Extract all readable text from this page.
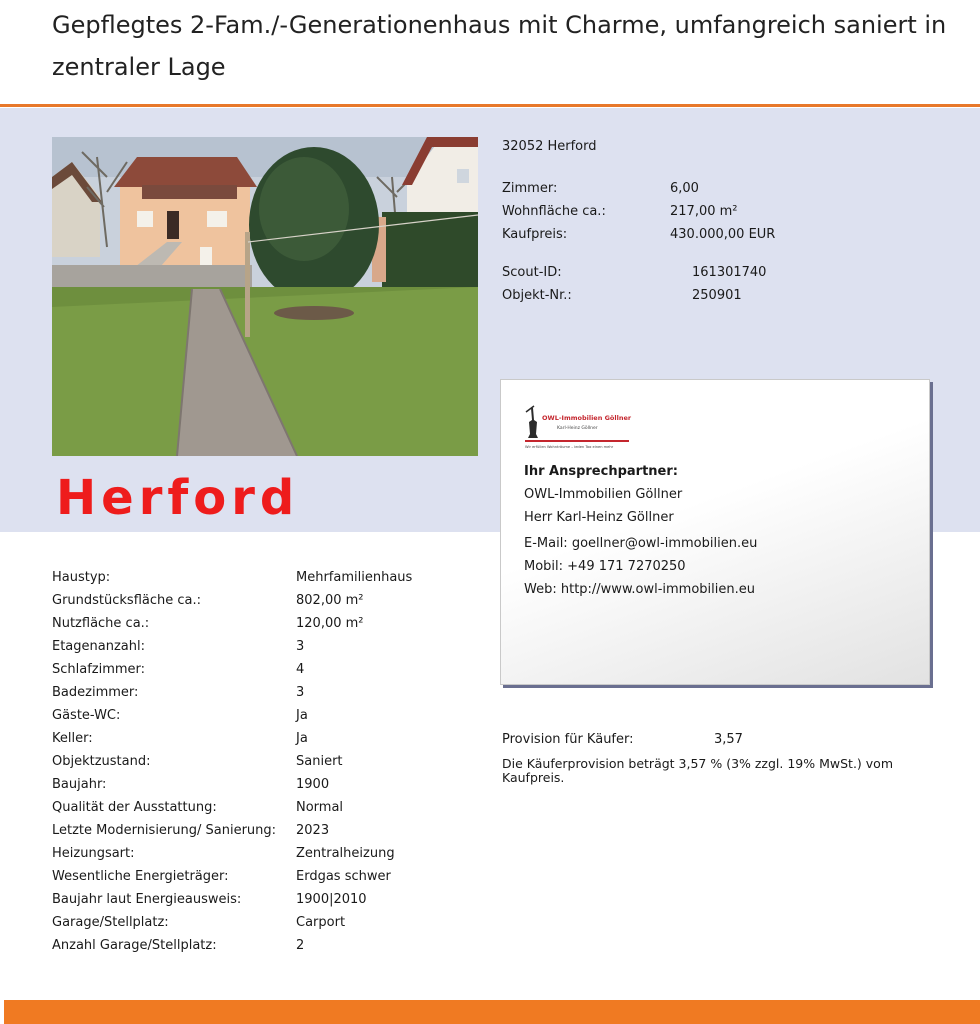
Gepflegtes 2-Fam./-Generationenhaus mit Charme, umfangreich saniert in zentraler Lage
Herford
32052 Herford
Zimmer:	6,00
Wohnfläche ca.:	217,00 m²
Kaufpreis:	430.000,00 EUR
Scout-ID:	161301740
Objekt-Nr.:	250901
OWL-Immobilien Göllner
Karl-Heinz Göllner
Wir erfüllen Wohnträume – jeden Tag einen mehr
Ihr Ansprechpartner:
OWL-Immobilien Göllner
Herr Karl-Heinz Göllner
E-Mail: goellner@owl-immobilien.eu
Mobil: +49 171 7270250
Web: http://www.owl-immobilien.eu
Haustyp:	Mehrfamilienhaus
Grundstücksfläche ca.:	802,00 m²
Nutzfläche ca.:	120,00 m²
Etagenanzahl:	3
Schlafzimmer:	4
Badezimmer:	3
Gäste-WC:	Ja
Keller:	Ja
Objektzustand:	Saniert
Baujahr:	1900
Qualität der Ausstattung:	Normal
Letzte Modernisierung/ Sanierung:	2023
Heizungsart:	Zentralheizung
Wesentliche Energieträger:	Erdgas schwer
Baujahr laut Energieausweis:	1900|2010
Garage/Stellplatz:	Carport
Anzahl Garage/Stellplatz:	2
Provision für Käufer:	3,57
Die Käuferprovision beträgt 3,57 % (3% zzgl. 19% MwSt.) vom Kaufpreis.
